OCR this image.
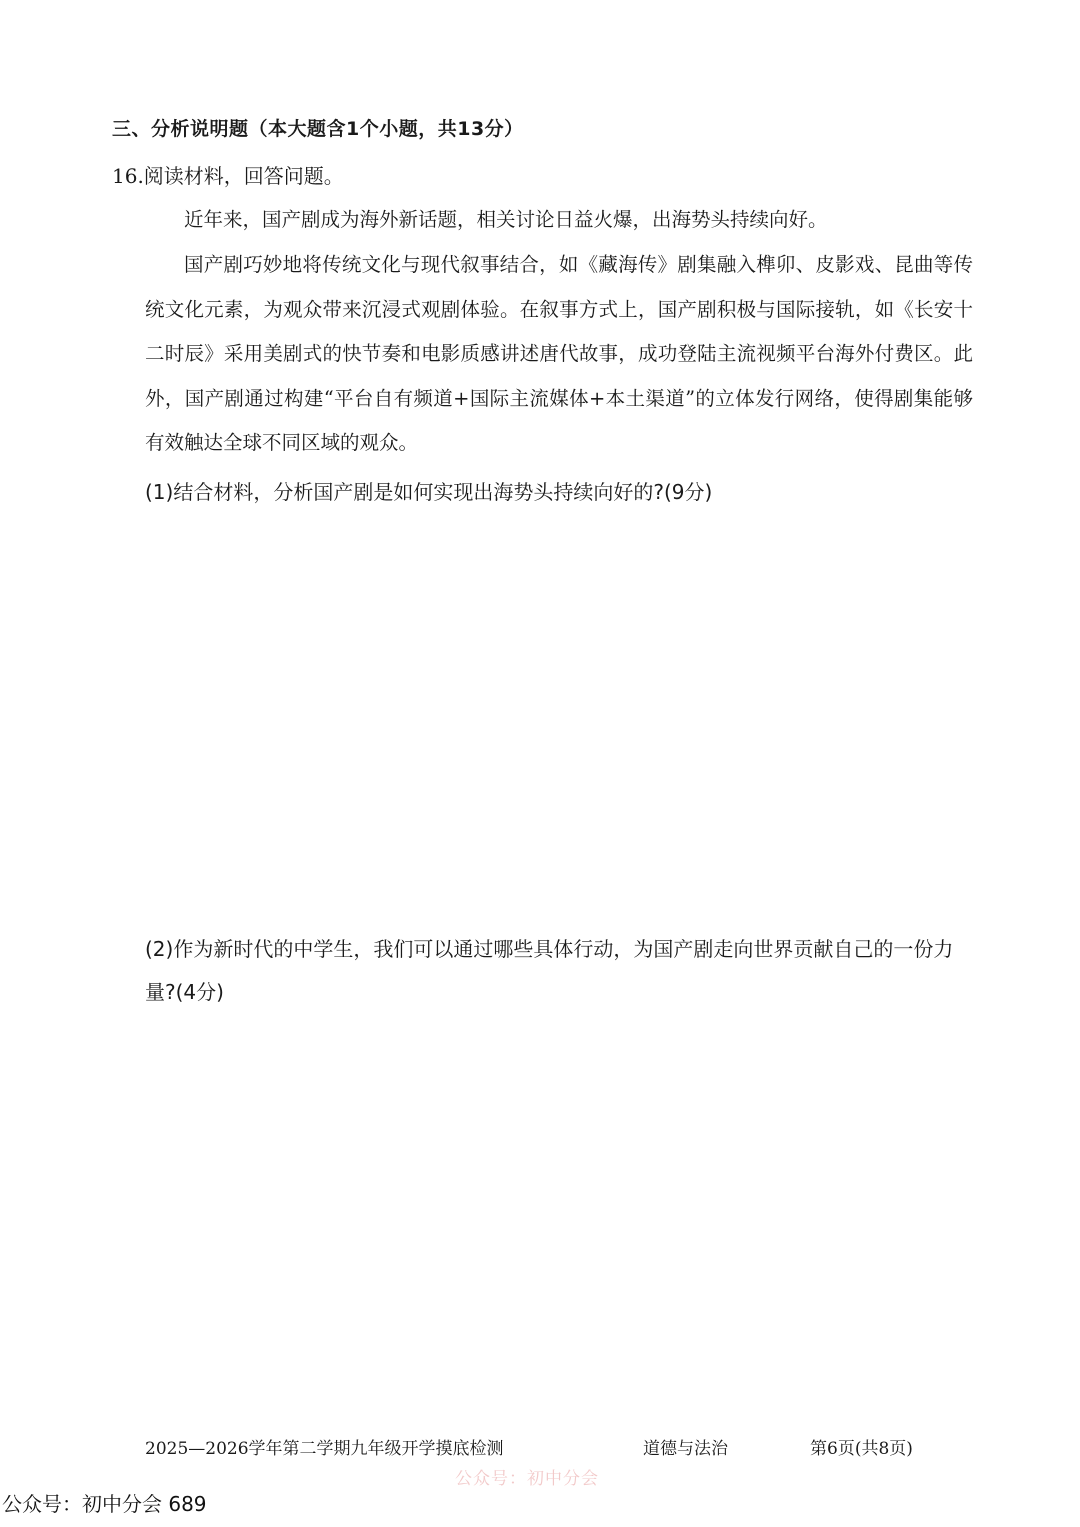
三、分析说明题（本大题含1个小题，共13分）
16.阅读材料，回答问题。

近年来，国产剧成为海外新话题，相关讨论日益火爆，出海势头持续向好。

国产剧巧妙地将传统文化与现代叙事结合，如《藏海传》剧集融入榫卯、皮影戏、昆曲等传统文化元素，为观众带来沉浸式观剧体验。在叙事方式上，国产剧积极与国际接轨，如《长安十二时辰》采用美剧式的快节奏和电影质感讲述唐代故事，成功登陆主流视频平台海外付费区。此外，国产剧通过构建“平台自有频道+国际主流媒体+本土渠道”的立体发行网络，使得剧集能够有效触达全球不同区域的观众。

(1)结合材料，分析国产剧是如何实现出海势头持续向好的?(9分)

(2)作为新时代的中学生，我们可以通过哪些具体行动，为国产剧走向世界贡献自己的一份力量?(4分)

2025—2026学年第二学期九年级开学摸底检测	道德与法治	第6页(共8页)
公众号：初中分会
公众号：初中分会 689
